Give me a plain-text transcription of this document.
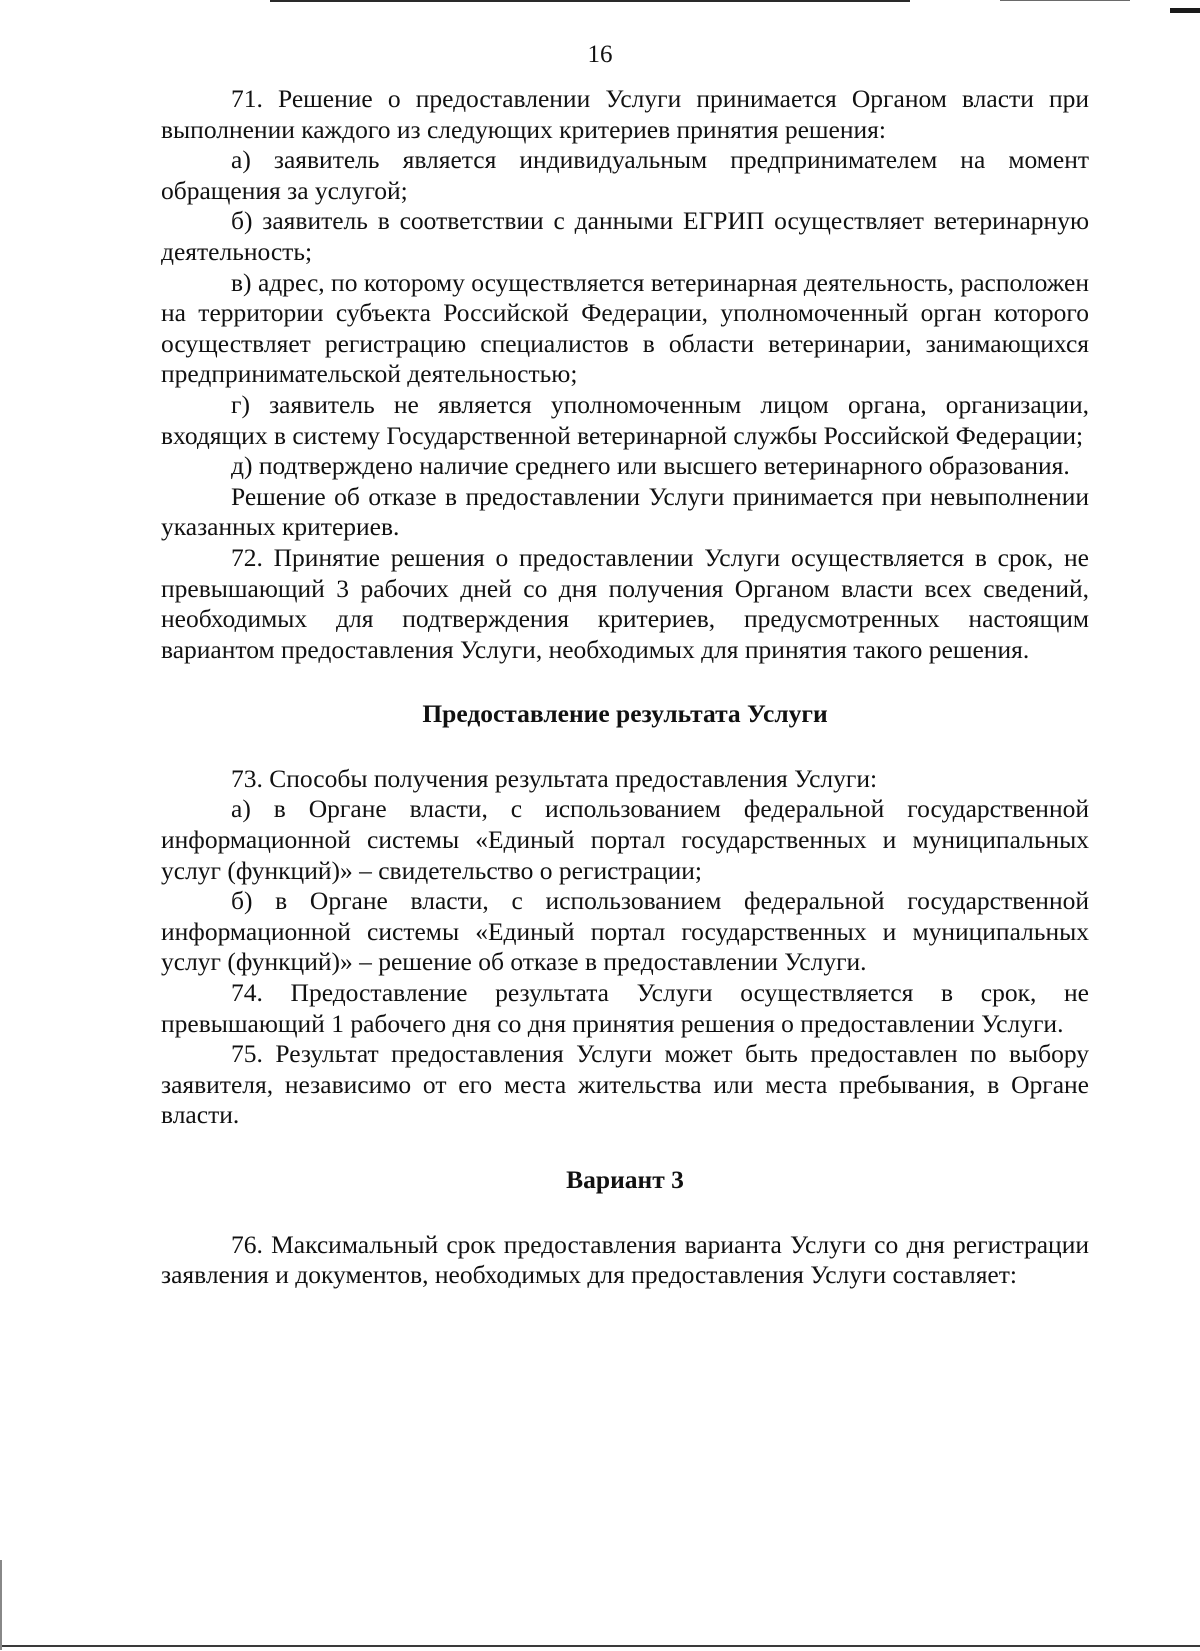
16

71. Решение о предоставлении Услуги принимается Органом власти при выполнении каждого из следующих критериев принятия решения:

а) заявитель является индивидуальным предпринимателем на момент обращения за услугой;

б) заявитель в соответствии с данными ЕГРИП осуществляет ветеринарную деятельность;

в) адрес, по которому осуществляется ветеринарная деятельность, расположен на территории субъекта Российской Федерации, уполномоченный орган которого осуществляет регистрацию специалистов в области ветеринарии, занимающихся предпринимательской деятельностью;

г) заявитель не является уполномоченным лицом органа, организации, входящих в систему Государственной ветеринарной службы Российской Федерации;

д) подтверждено наличие среднего или высшего ветеринарного образования.

Решение об отказе в предоставлении Услуги принимается при невыполнении указанных критериев.

72. Принятие решения о предоставлении Услуги осуществляется в срок, не превышающий 3 рабочих дней со дня получения Органом власти всех сведений, необходимых для подтверждения критериев, предусмотренных настоящим вариантом предоставления Услуги, необходимых для принятия такого решения.

Предоставление результата Услуги

73. Способы получения результата предоставления Услуги:

а) в Органе власти, с использованием федеральной государственной информационной системы «Единый портал государственных и муниципальных услуг (функций)» – свидетельство о регистрации;

б) в Органе власти, с использованием федеральной государственной информационной системы «Единый портал государственных и муниципальных услуг (функций)» – решение об отказе в предоставлении Услуги.

74. Предоставление результата Услуги осуществляется в срок, не превышающий 1 рабочего дня со дня принятия решения о предоставлении Услуги.

75. Результат предоставления Услуги может быть предоставлен по выбору заявителя, независимо от его места жительства или места пребывания, в Органе власти.

Вариант 3

76. Максимальный срок предоставления варианта Услуги со дня регистрации заявления и документов, необходимых для предоставления Услуги составляет:
